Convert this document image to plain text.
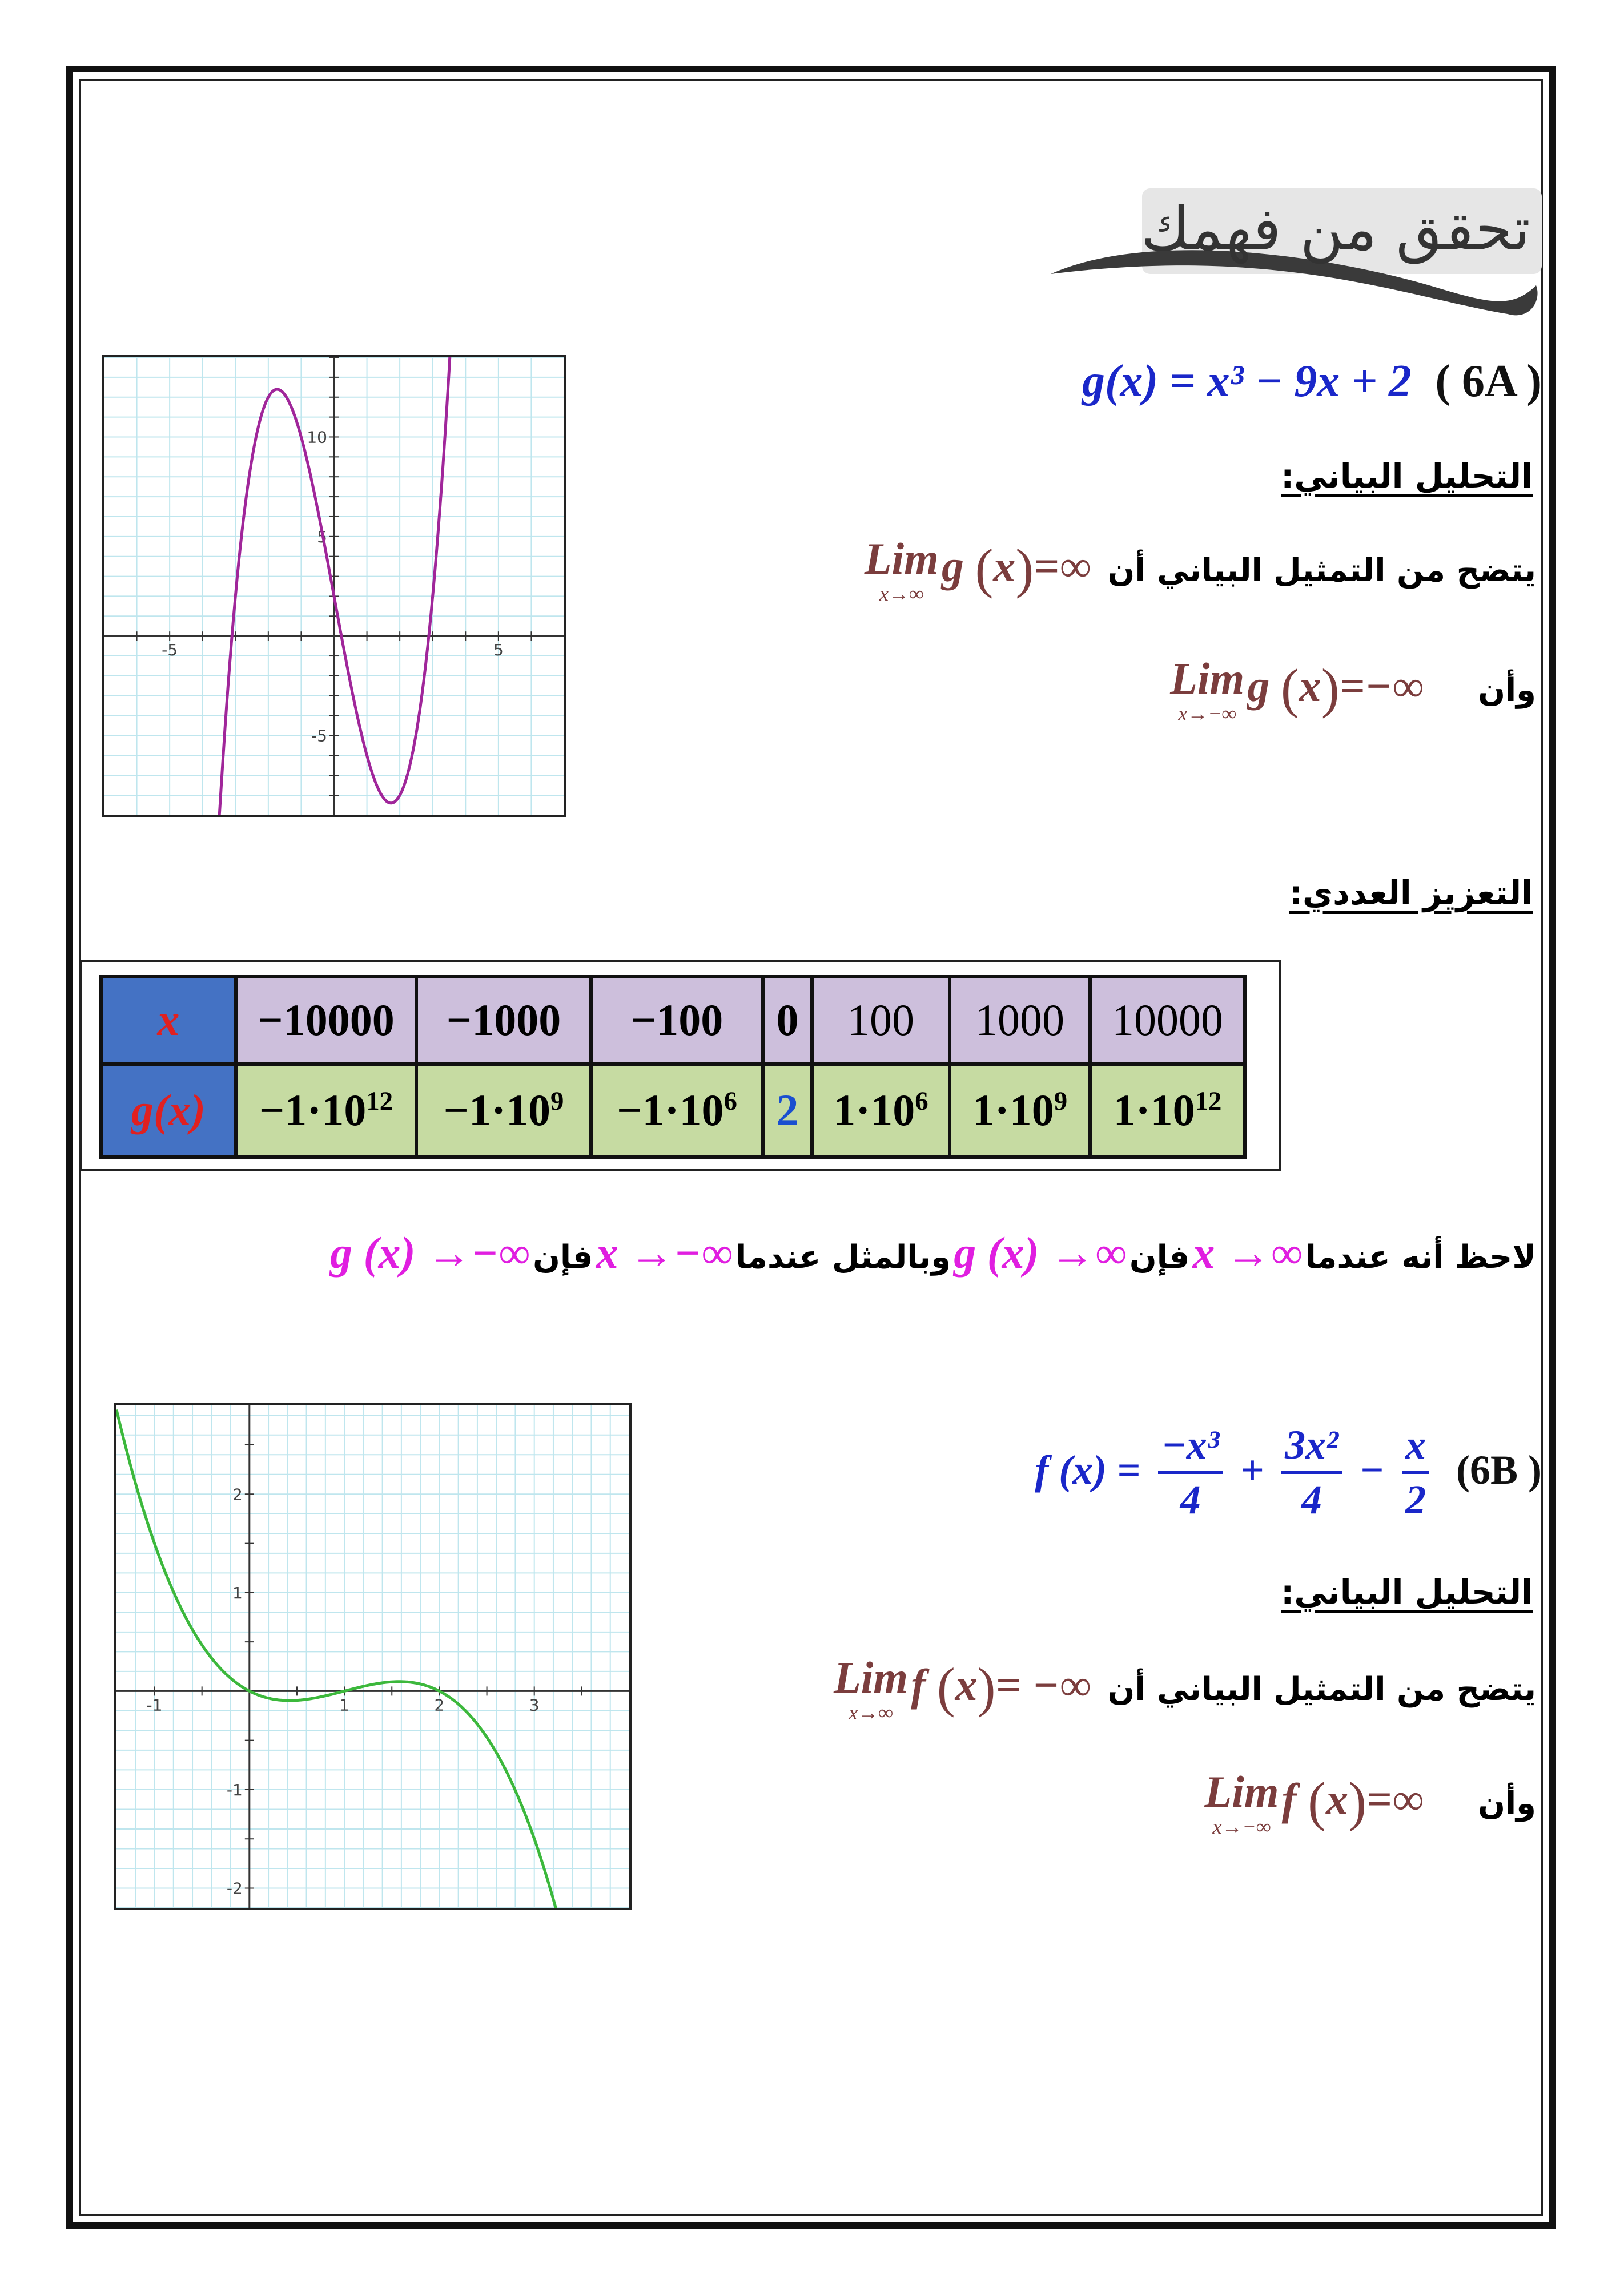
تحقق من فهمك
g(x) = x³ − 9x + 2 ( 6A )
-5	5
-5
5
10
التحليل البياني:
Lim
x→∞
g (x)=∞ يتضح من التمثيل البياني أن
Lim
x→−∞
g (x)=−∞ وأن
التعزيز العددي:
x	−10000	−1000	−100	0	100	1000	10000
g(x)	$-1\cdot 10^{12}$	$-1\cdot 10^9$	$-1\cdot 10^6$	2	$1\cdot 10^6$	$1\cdot 10^9$	$1\cdot 10^{12}$
لاحظ أنه عندما x →∞ فإن g (x) →∞ وبالمثل عندما x →−∞ فإن g (x) →−∞
-1	1	2	3
-2
-1
1
2
f $(x) = \frac{\text{−x³}}{4} + \frac{\text{3x²}}{4} - \frac{x}{2} (6B$ )
التحليل البياني:
Lim
x→∞
f (x)= −∞ يتضح من التمثيل البياني أن
Lim
x→−∞
f (x)=∞ وأن
